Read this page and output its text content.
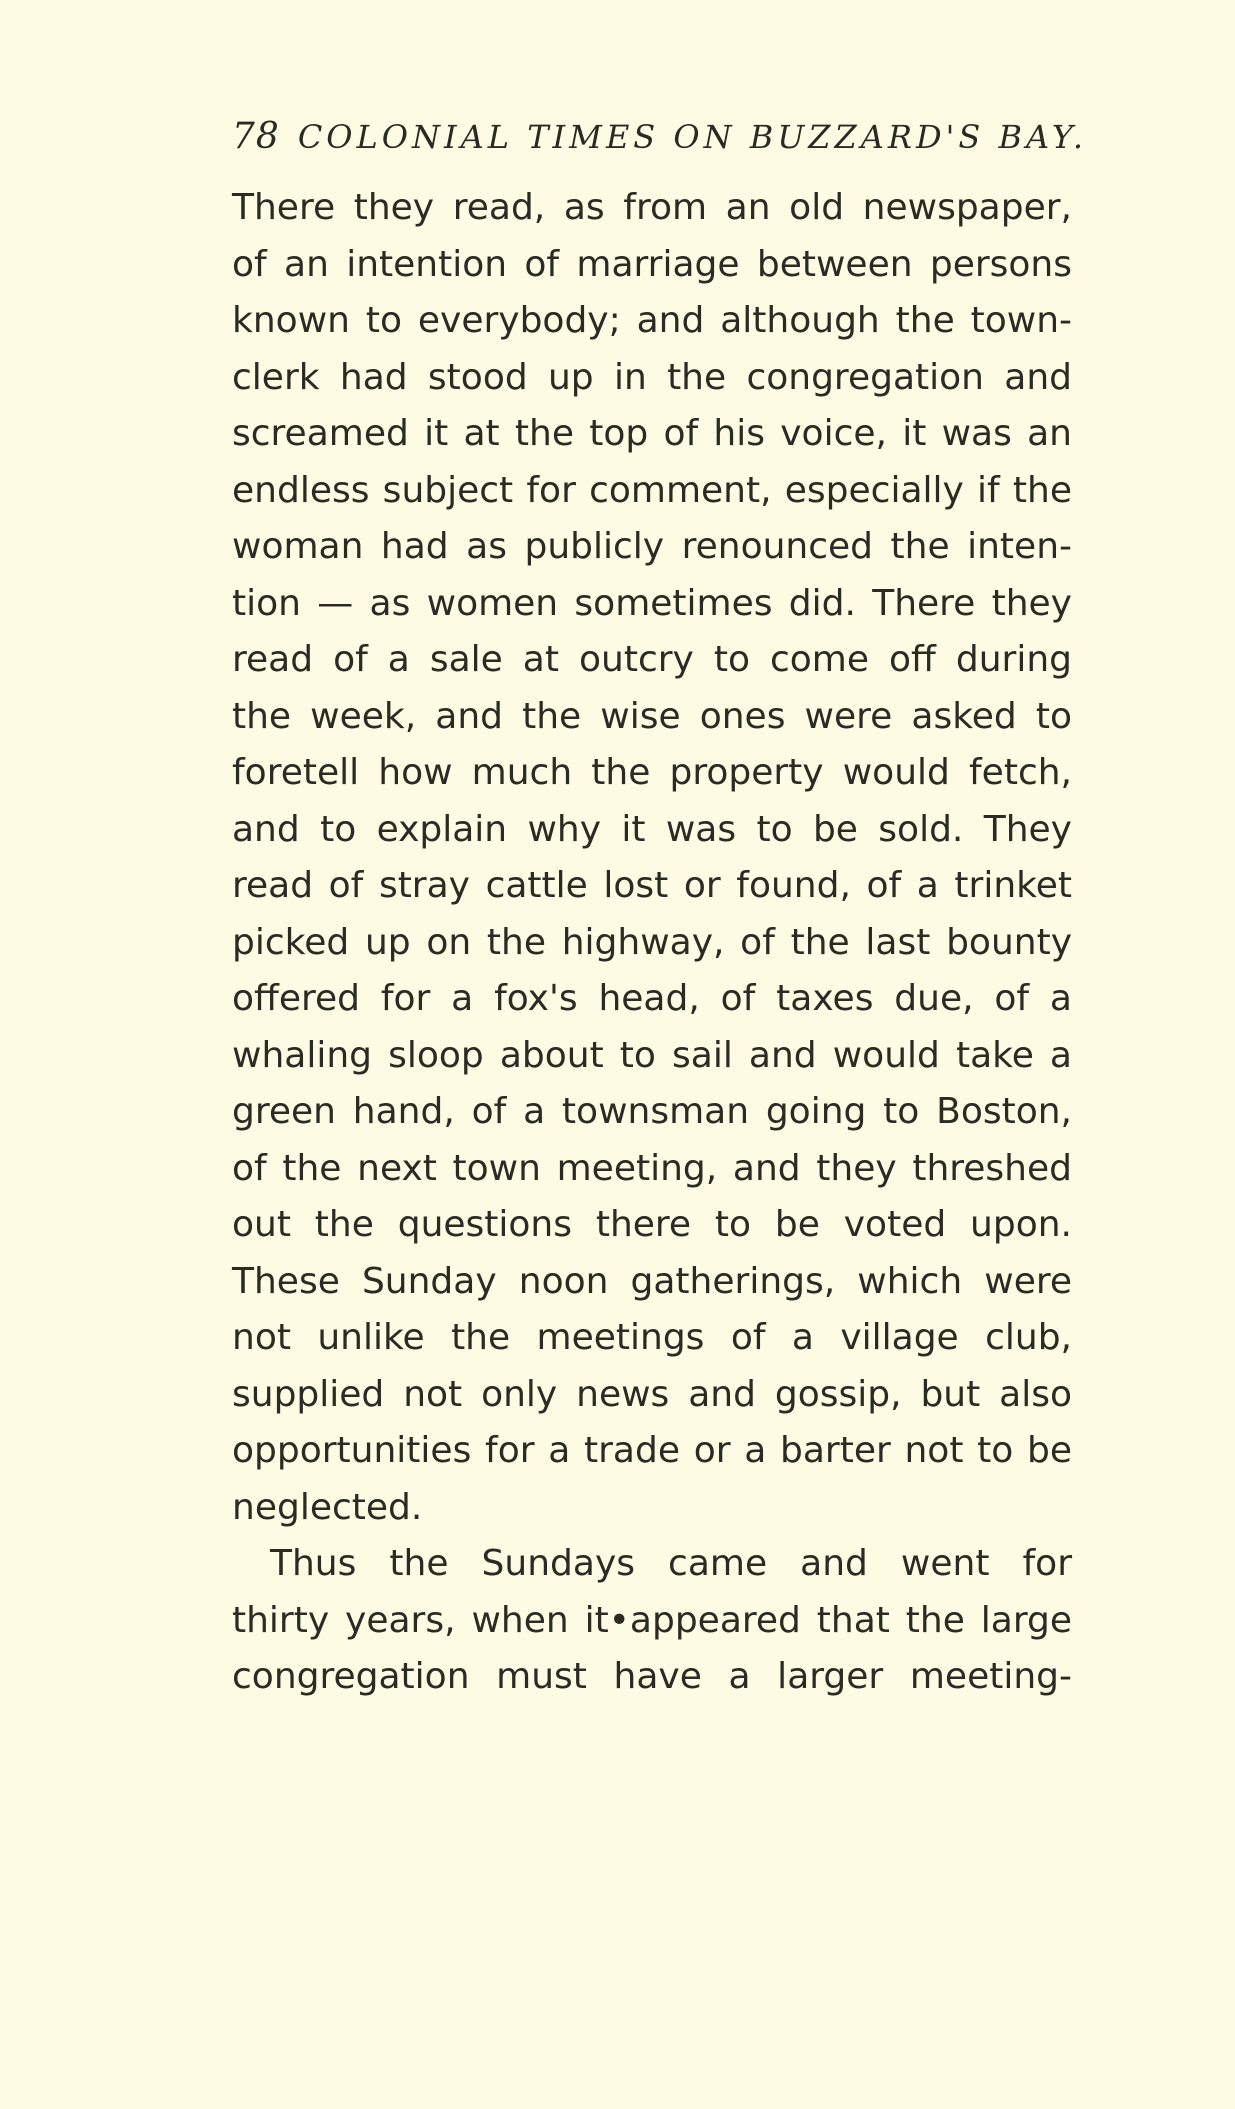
78 COLONIAL TIMES ON BUZZARD'S BAY.
There they read, as from an old newspaper,
of an intention of marriage between persons
known to everybody; and although the town-
clerk had stood up in the congregation and
screamed it at the top of his voice, it was an
endless subject for comment, especially if the
woman had as publicly renounced the inten-
tion — as women sometimes did. There they
read of a sale at outcry to come off during
the week, and the wise ones were asked to
foretell how much the property would fetch,
and to explain why it was to be sold. They
read of stray cattle lost or found, of a trinket
picked up on the highway, of the last bounty
offered for a fox's head, of taxes due, of a
whaling sloop about to sail and would take a
green hand, of a townsman going to Boston,
of the next town meeting, and they threshed
out the questions there to be voted upon.
These Sunday noon gatherings, which were
not unlike the meetings of a village club,
supplied not only news and gossip, but also
opportunities for a trade or a barter not to be
neglected.
Thus the Sundays came and went for
thirty years, when it•appeared that the large
congregation must have a larger meeting-
